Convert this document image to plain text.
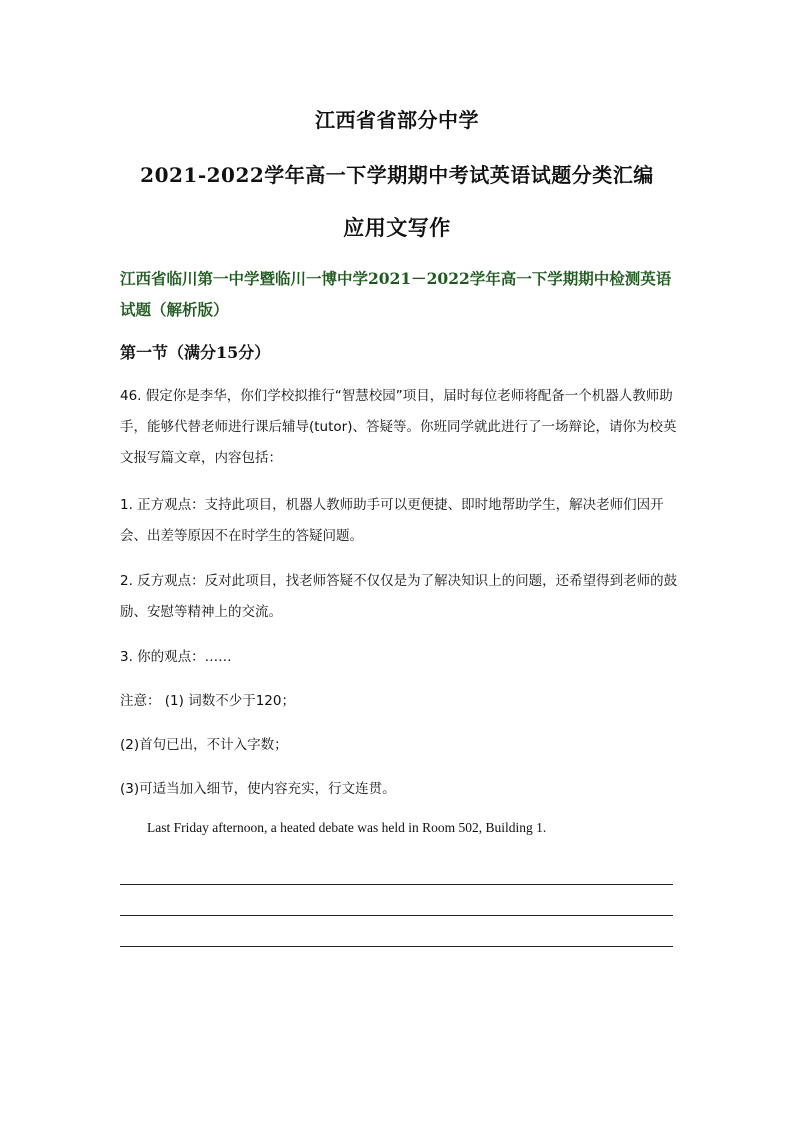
江西省省部分中学
2021-2022学年高一下学期期中考试英语试题分类汇编
应用文写作
江西省临川第一中学暨临川一博中学2021－2022学年高一下学期期中检测英语试题（解析版）
第一节（满分15分）
46. 假定你是李华，你们学校拟推行“智慧校园”项目，届时每位老师将配备一个机器人教师助手，能够代替老师进行课后辅导(tutor)、答疑等。你班同学就此进行了一场辩论，请你为校英文报写篇文章，内容包括：
1. 正方观点：支持此项目，机器人教师助手可以更便捷、即时地帮助学生，解决老师们因开会、出差等原因不在时学生的答疑问题。
2. 反方观点：反对此项目，找老师答疑不仅仅是为了解决知识上的问题，还希望得到老师的鼓励、安慰等精神上的交流。
3. 你的观点：……
注意： (1) 词数不少于120；
(2)首句已出，不计入字数；
(3)可适当加入细节，使内容充实，行文连贯。
Last Friday afternoon, a heated debate was held in Room 502, Building 1.
